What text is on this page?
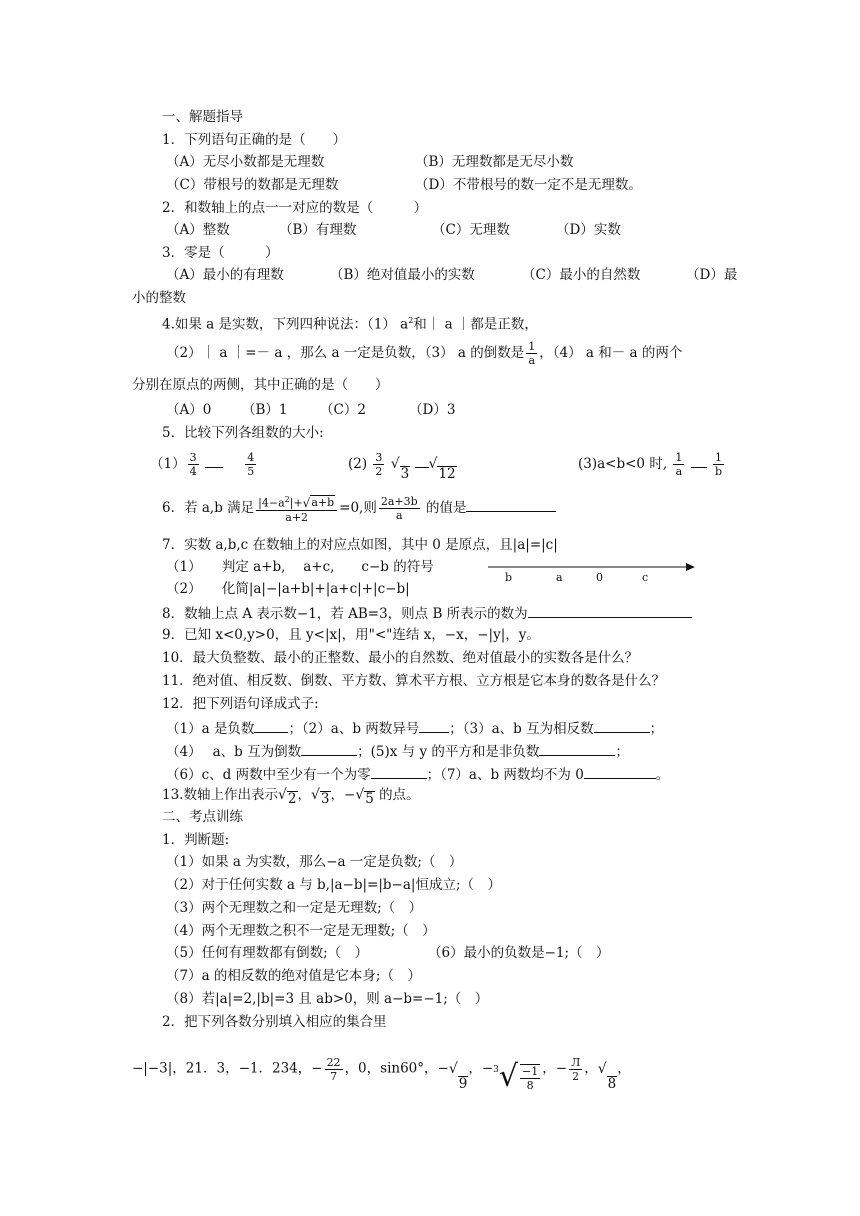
一、解题指导
1．下列语句正确的是（　　）
（A）无尽小数都是无理数	（B）无理数都是无尽小数
（C）带根号的数都是无理数	（D）不带根号的数一定不是无理数。
2．和数轴上的点一一对应的数是（　　　）
（A）整数	（B）有理数	（C）无理数	（D）实数
3．零是（　　　）
（A）最小的有理数	（B）绝对值最小的实数	（C）最小的自然数	（D）最
小的整数
4.如果 a 是实数，下列四种说法：（1） $a^2$和｜ a ｜都是正数，
（2）｜ a ｜=－ a ，那么 a 一定是负数，（3） a 的倒数是 $\frac{1}{a}$ ，（4） a 和－ a 的两个
分别在原点的两侧，其中正确的是（　　）
（A）0 （B）1 （C）2	（D）3
5．比较下列各组数的大小:
$(1) \frac{3}{4}$
	$\frac{4}{5}$	$(2) \frac{3}{2}$
√
3

√
12
(3)a<b<0 时, $\frac{1}{a}$
	$\frac{1}{b}$
6．若 a,b 满足 $\frac{|4-a^2|+ √ a+b}{a+2} =0$,则 $\frac{2a+3b}{a}$ 的值是
7．实数 a,b,c 在数轴上的对应点如图，其中 0 是原点，且|a|=|c|
（1）　　判定 a+b,　 a+c,　　c−b 的符号
（2）　　化简|a|−|a+b|+|a+c|+|c−b|
b	a	0	c
8．数轴上点 A 表示数−1，若 AB=3，则点 B 所表示的数为
9．已知 x<0,y>0，且 y<|x|，用"<"连结 x，−x，−|y|，y。
10．最大负整数、最小的正整数、最小的自然数、绝对值最小的实数各是什么？
11．绝对值、相反数、倒数、平方数、算术平方根、立方根是它本身的数各是什么？
12．把下列语句译成式子:
（1）a 是负数	；（2）a、b 两数异号 ；（3）a、b 互为相反数	；
（4）　 a、b 互为倒数	；(5)x 与 y 的平方和是非负数	；
（6）c、d 两数中至少有一个为零	；（7）a、b 两数均不为 0	。
13.数轴上作出表示 √ 2 ， √ 3 ，− √ 5 的点。
二、考点训练
1．判断题:
（1）如果 a 为实数，那么−a 一定是负数;（　）
（2）对于任何实数 a 与 b,|a−b|=|b−a|恒成立;（　）
（3）两个无理数之和一定是无理数;（　）
（4）两个无理数之积不一定是无理数;（　）
（5）任何有理数都有倒数;（　）	（6）最小的负数是−1;（　）
（7）a 的相反数的绝对值是它本身;（　）
（8）若|a|=2,|b|=3 且 ab>0，则 a−b=−1;（　）
2．把下列各数分别填入相应的集合里
−|−3|，21．3，−1．234，− $\frac{22}{7}$ ，0，sin60°，− √
9
，− 3 √ $\frac{-1}{8}$ ，− $\frac{Л}{2}$ ， √
8
，
